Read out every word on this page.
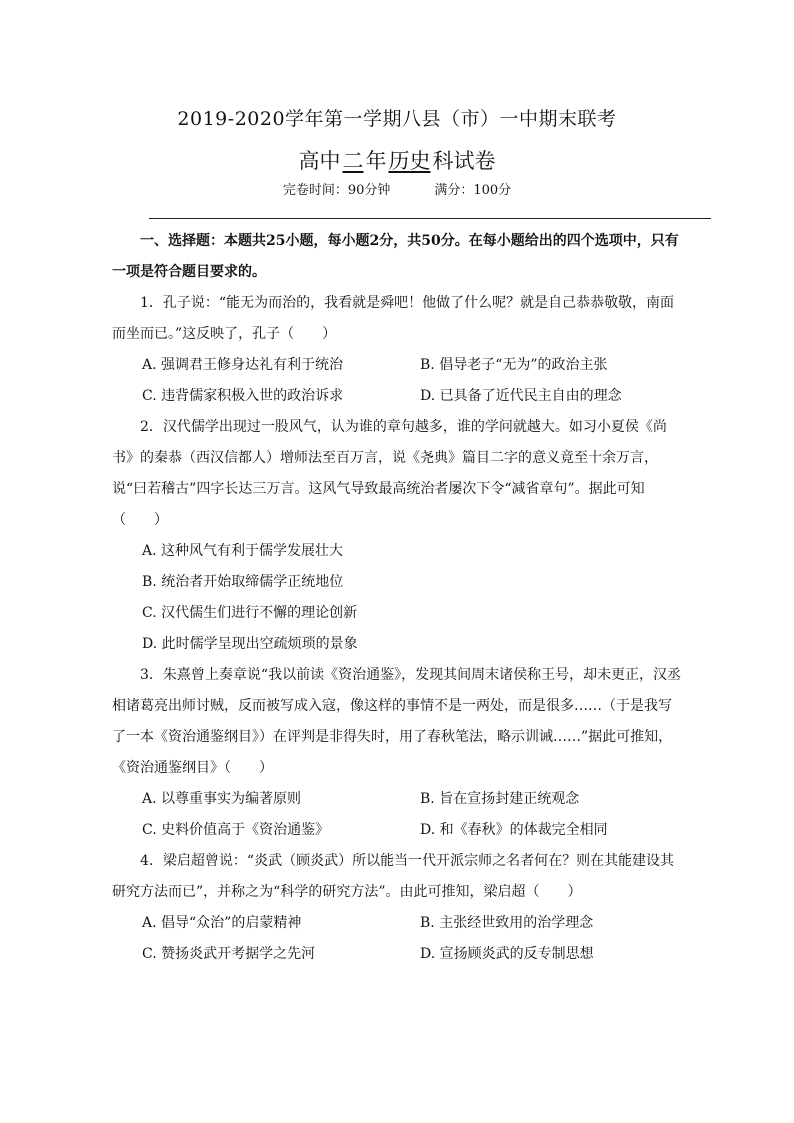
2019-2020学年第一学期八县（市）一中期末联考
高中二年历史科试卷
完卷时间：90分钟	满分：100分

一、选择题：本题共25小题，每小题2分，共50分。在每小题给出的四个选项中，只有一项是符合题目要求的。

1．孔子说：“能无为而治的，我看就是舜吧！他做了什么呢？就是自己恭恭敬敬，南面而坐而已。”这反映了，孔子（　　）

A. 强调君王修身达礼有利于统治	B. 倡导老子“无为”的政治主张
C. 违背儒家积极入世的政治诉求	D. 已具备了近代民主自由的理念

2．汉代儒学出现过一股风气，认为谁的章句越多，谁的学问就越大。如习小夏侯《尚书》的秦恭（西汉信都人）增师法至百万言，说《尧典》篇目二字的意义竟至十余万言，说“曰若稽古”四字长达三万言。这风气导致最高统治者屡次下令“减省章句”。据此可知（　　）

A. 这种风气有利于儒学发展壮大

B. 统治者开始取缔儒学正统地位

C. 汉代儒生们进行不懈的理论创新

D. 此时儒学呈现出空疏烦琐的景象

3．朱熹曾上奏章说“我以前读《资治通鉴》，发现其间周末诸侯称王号，却未更正，汉丞相诸葛亮出师讨贼，反而被写成入寇，像这样的事情不是一两处，而是很多……（于是我写了一本《资治通鉴纲目》）在评判是非得失时，用了春秋笔法，略示训诫……”据此可推知，《资治通鉴纲目》（　　）

A. 以尊重事实为编著原则	B. 旨在宣扬封建正统观念
C. 史料价值高于《资治通鉴》	D. 和《春秋》的体裁完全相同

4．梁启超曾说：“炎武（顾炎武）所以能当一代开派宗师之名者何在？则在其能建设其研究方法而已”，并称之为“科学的研究方法”。由此可推知，梁启超（　　）

A. 倡导“众治”的启蒙精神	B. 主张经世致用的治学理念
C. 赞扬炎武开考据学之先河	D. 宣扬顾炎武的反专制思想
